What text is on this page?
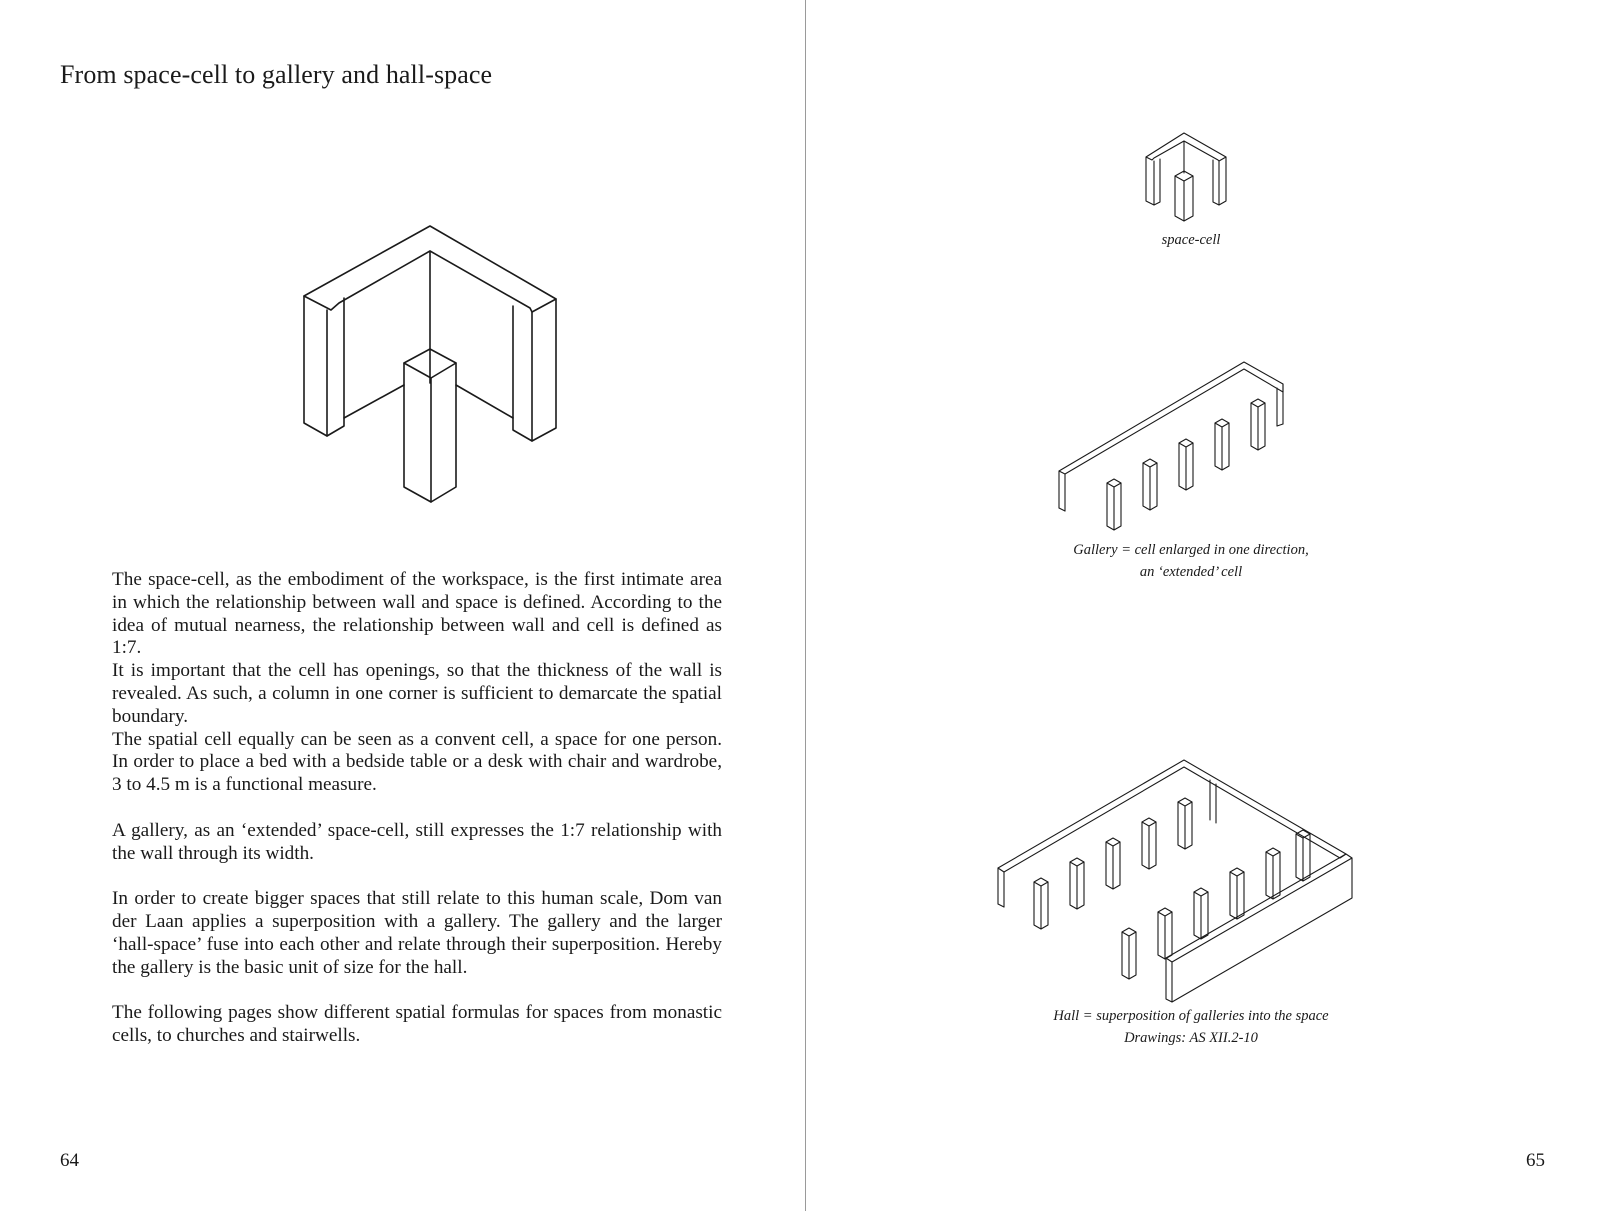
From space-cell to gallery and hall-space

The space-cell, as the embodiment of the workspace, is the first intimate area in which the relationship between wall and space is defined. According to the idea of mutual nearness, the relationship between wall and cell is defined as 1:7.

It is important that the cell has openings, so that the thickness of the wall is revealed. As such, a column in one corner is sufficient to demarcate the spatial boundary.

The spatial cell equally can be seen as a convent cell, a space for one person. In order to place a bed with a bedside table or a desk with chair and wardrobe, 3 to 4.5 m is a functional measure.

A gallery, as an ‘extended’ space-cell, still expresses the 1:7 relationship with the wall through its width.

In order to create bigger spaces that still relate to this human scale, Dom van der Laan applies a superposition with a gallery. The gallery and the larger ‘hall-space’ fuse into each other and relate through their superposition. Hereby the gallery is the basic unit of size for the hall.

The following pages show different spatial formulas for spaces from monastic cells, to churches and stairwells.

64

space-cell

Gallery = cell enlarged in one direction,

an ‘extended’ cell

Hall = superposition of galleries into the space

Drawings: AS XII.2-10

65
